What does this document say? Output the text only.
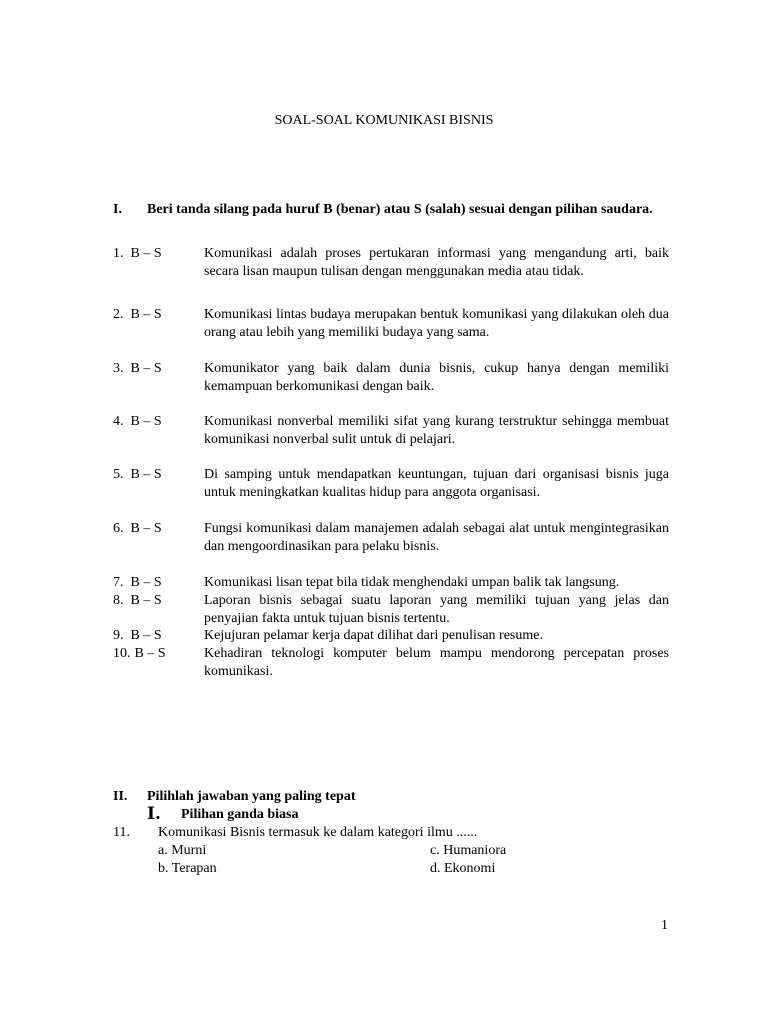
SOAL-SOAL KOMUNIKASI BISNIS
I. Beri tanda silang pada huruf B (benar) atau S (salah) sesuai dengan pilihan saudara.
1. B – S	Komunikasi adalah proses pertukaran informasi yang mengandung arti, baik secara lisan maupun tulisan dengan menggunakan media atau tidak.
2. B – S	Komunikasi lintas budaya merupakan bentuk komunikasi yang dilakukan oleh dua orang atau lebih yang memiliki budaya yang sama.
3. B – S	Komunikator yang baik dalam dunia bisnis, cukup hanya dengan memiliki kemampuan berkomunikasi dengan baik.
4. B – S	Komunikasi nonverbal memiliki sifat yang kurang terstruktur sehingga membuat komunikasi nonverbal sulit untuk di pelajari.
5. B – S	Di samping untuk mendapatkan keuntungan, tujuan dari organisasi bisnis juga untuk meningkatkan kualitas hidup para anggota organisasi.
6. B – S	Fungsi komunikasi dalam manajemen adalah sebagai alat untuk mengintegrasikan dan mengoordinasikan para pelaku bisnis.
7. B – S	Komunikasi lisan tepat bila tidak menghendaki umpan balik tak langsung.
8. B – S	Laporan bisnis sebagai suatu laporan yang memiliki tujuan yang jelas dan penyajian fakta untuk tujuan bisnis tertentu.
9. B – S	Kejujuran pelamar kerja dapat dilihat dari penulisan resume.
10. B – S	Kehadiran teknologi komputer belum mampu mendorong percepatan proses komunikasi.
II. Pilihlah jawaban yang paling tepat
I. Pilihan ganda biasa
11. Komunikasi Bisnis termasuk ke dalam kategori ilmu ......
a. Murni	c. Humaniora
b. Terapan	d. Ekonomi
1
